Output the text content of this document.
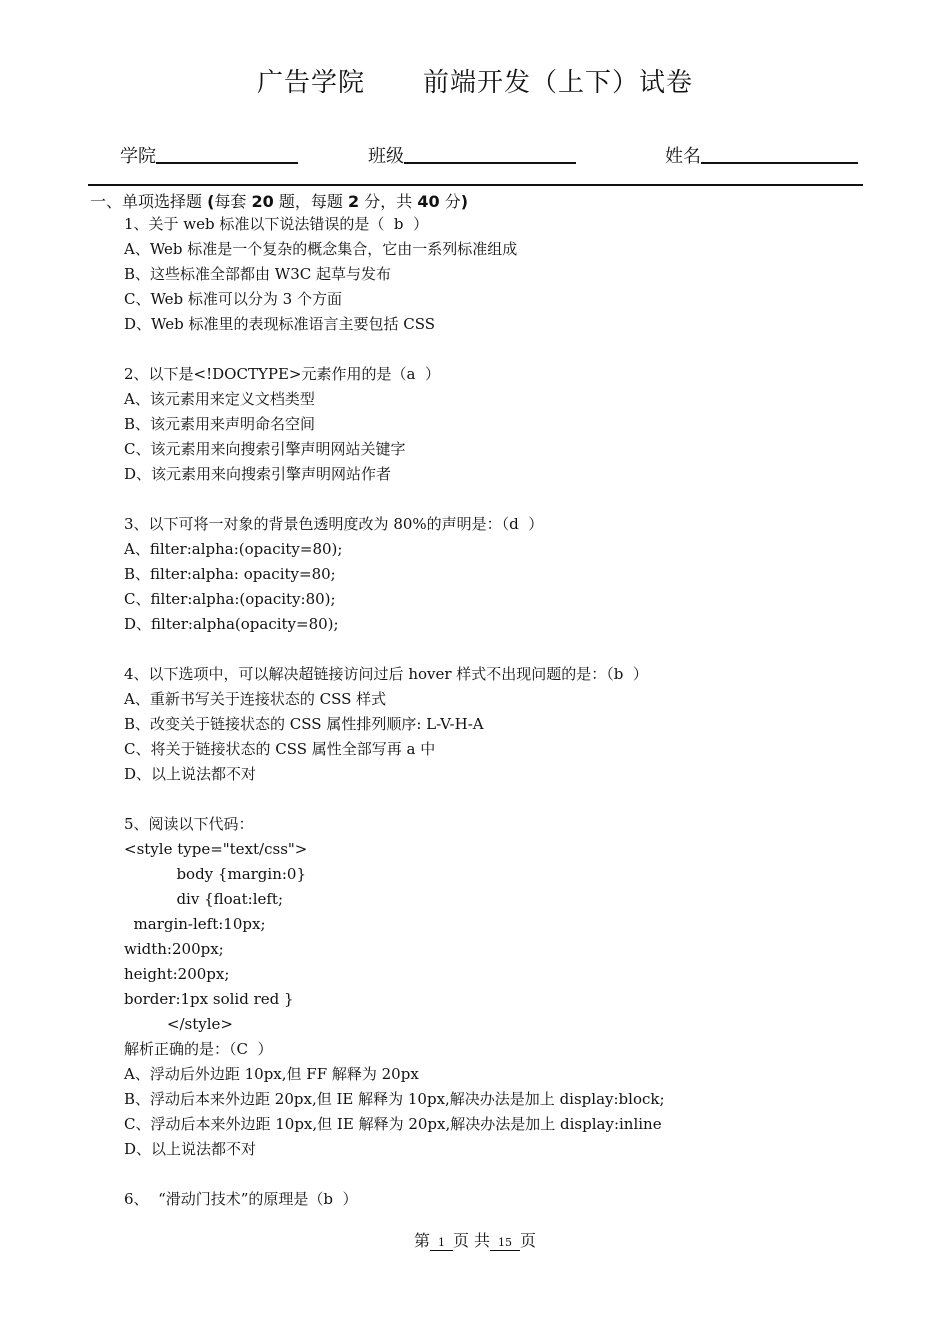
广告学院 前端开发（上下）试卷
学院	班级	姓名
一、单项选择题 (每套 20 题，每题 2 分，共 40 分)
1、关于 web 标准以下说法错误的是（  b  ）
A、Web 标准是一个复杂的概念集合，它由一系列标准组成
B、这些标准全部都由 W3C 起草与发布
C、Web 标准可以分为 3 个方面
D、Web 标准里的表现标准语言主要包括 CSS
2、以下是<!DOCTYPE>元素作用的是（a  ）
A、该元素用来定义文档类型
B、该元素用来声明命名空间
C、该元素用来向搜索引擎声明网站关键字
D、该元素用来向搜索引擎声明网站作者
3、以下可将一对象的背景色透明度改为 80%的声明是：（d  ）
A、filter:alpha:(opacity=80);
B、filter:alpha: opacity=80;
C、filter:alpha:(opacity:80);
D、filter:alpha(opacity=80);
4、以下选项中，可以解决超链接访问过后 hover 样式不出现问题的是：（b  ）
A、重新书写关于连接状态的 CSS 样式
B、改变关于链接状态的 CSS 属性排列顺序: L-V-H-A
C、将关于链接状态的 CSS 属性全部写再 a 中
D、以上说法都不对
5、阅读以下代码：
<style type="text/css">
body {margin:0}
div {float:left;
margin-left:10px;
width:200px;
height:200px;
border:1px solid red }
</style>
解析正确的是：（C  ）
A、浮动后外边距 10px,但 FF 解释为 20px
B、浮动后本来外边距 20px,但 IE 解释为 10px,解决办法是加上 display:block;
C、浮动后本来外边距 10px,但 IE 解释为 20px,解决办法是加上 display:inline
D、以上说法都不对
6、  “滑动门技术”的原理是（b  ）
第 1 页 共 15 页
